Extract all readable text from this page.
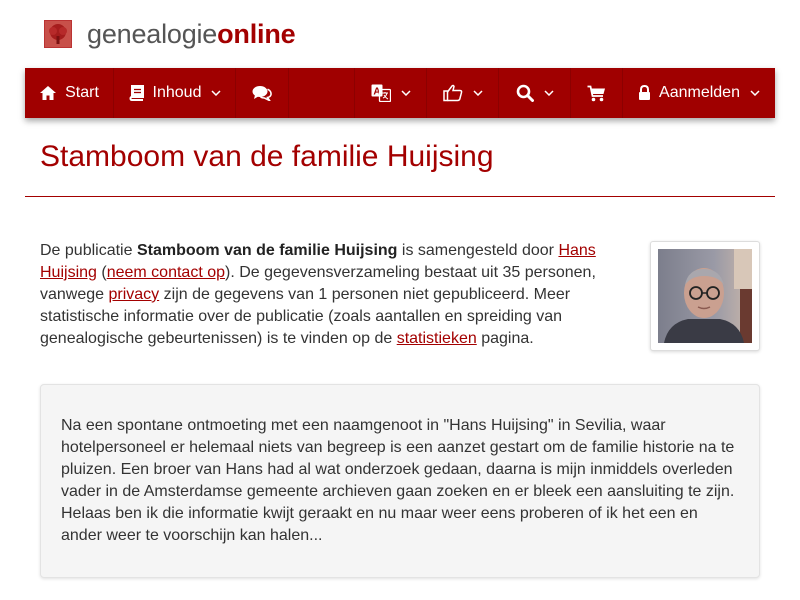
genealogieonline
Start	Inhoud	A	Aanmelden
Stamboom van de familie Huijsing

De publicatie Stamboom van de familie Huijsing is samengesteld door Hans Huijsing (neem contact op). De gegevensverzameling bestaat uit 35 personen, vanwege privacy zijn de gegevens van 1 personen niet gepubliceerd. Meer statistische informatie over de publicatie (zoals aantallen en spreiding van genealogische gebeurtenissen) is te vinden op de statistieken pagina.

Na een spontane ontmoeting met een naamgenoot in "Hans Huijsing" in Sevilia, waar hotelpersoneel er helemaal niets van begreep is een aanzet gestart om de familie historie na te pluizen. Een broer van Hans had al wat onderzoek gedaan, daarna is mijn inmiddels overleden vader in de Amsterdamse gemeente archieven gaan zoeken en er bleek een aansluiting te zijn. Helaas ben ik die informatie kwijt geraakt en nu maar weer eens proberen of ik het een en ander weer te voorschijn kan halen...
